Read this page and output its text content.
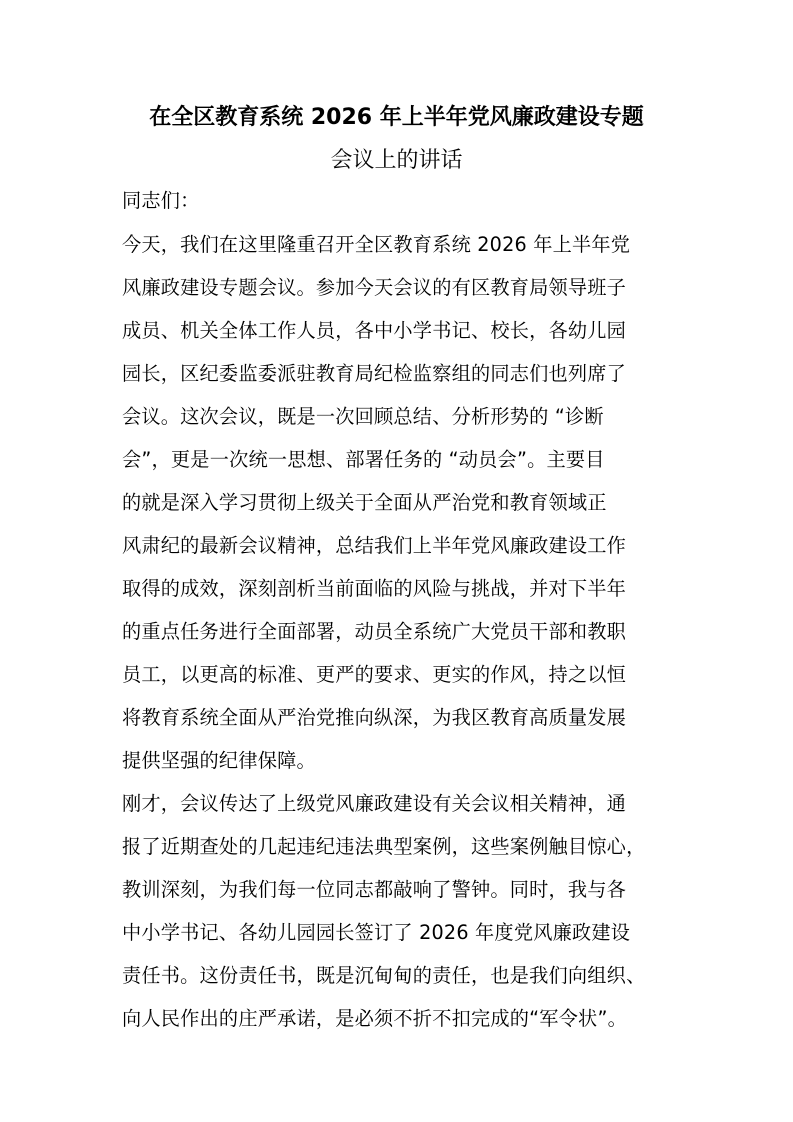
在全区教育系统 2026 年上半年党风廉政建设专题
会议上的讲话
同志们：
今天，我们在这里隆重召开全区教育系统 2026 年上半年党
风廉政建设专题会议。参加今天会议的有区教育局领导班子
成员、机关全体工作人员，各中小学书记、校长，各幼儿园
园长，区纪委监委派驻教育局纪检监察组的同志们也列席了
会议。这次会议，既是一次回顾总结、分析形势的 “诊断
会”，更是一次统一思想、部署任务的 “动员会”。主要目
的就是深入学习贯彻上级关于全面从严治党和教育领域正
风肃纪的最新会议精神，总结我们上半年党风廉政建设工作
取得的成效，深刻剖析当前面临的风险与挑战，并对下半年
的重点任务进行全面部署，动员全系统广大党员干部和教职
员工，以更高的标准、更严的要求、更实的作风，持之以恒
将教育系统全面从严治党推向纵深，为我区教育高质量发展
提供坚强的纪律保障。
刚才，会议传达了上级党风廉政建设有关会议相关精神，通
报了近期查处的几起违纪违法典型案例，这些案例触目惊心，
教训深刻，为我们每一位同志都敲响了警钟。同时，我与各
中小学书记、各幼儿园园长签订了 2026 年度党风廉政建设
责任书。这份责任书，既是沉甸甸的责任，也是我们向组织、
向人民作出的庄严承诺，是必须不折不扣完成的“军令状”。
